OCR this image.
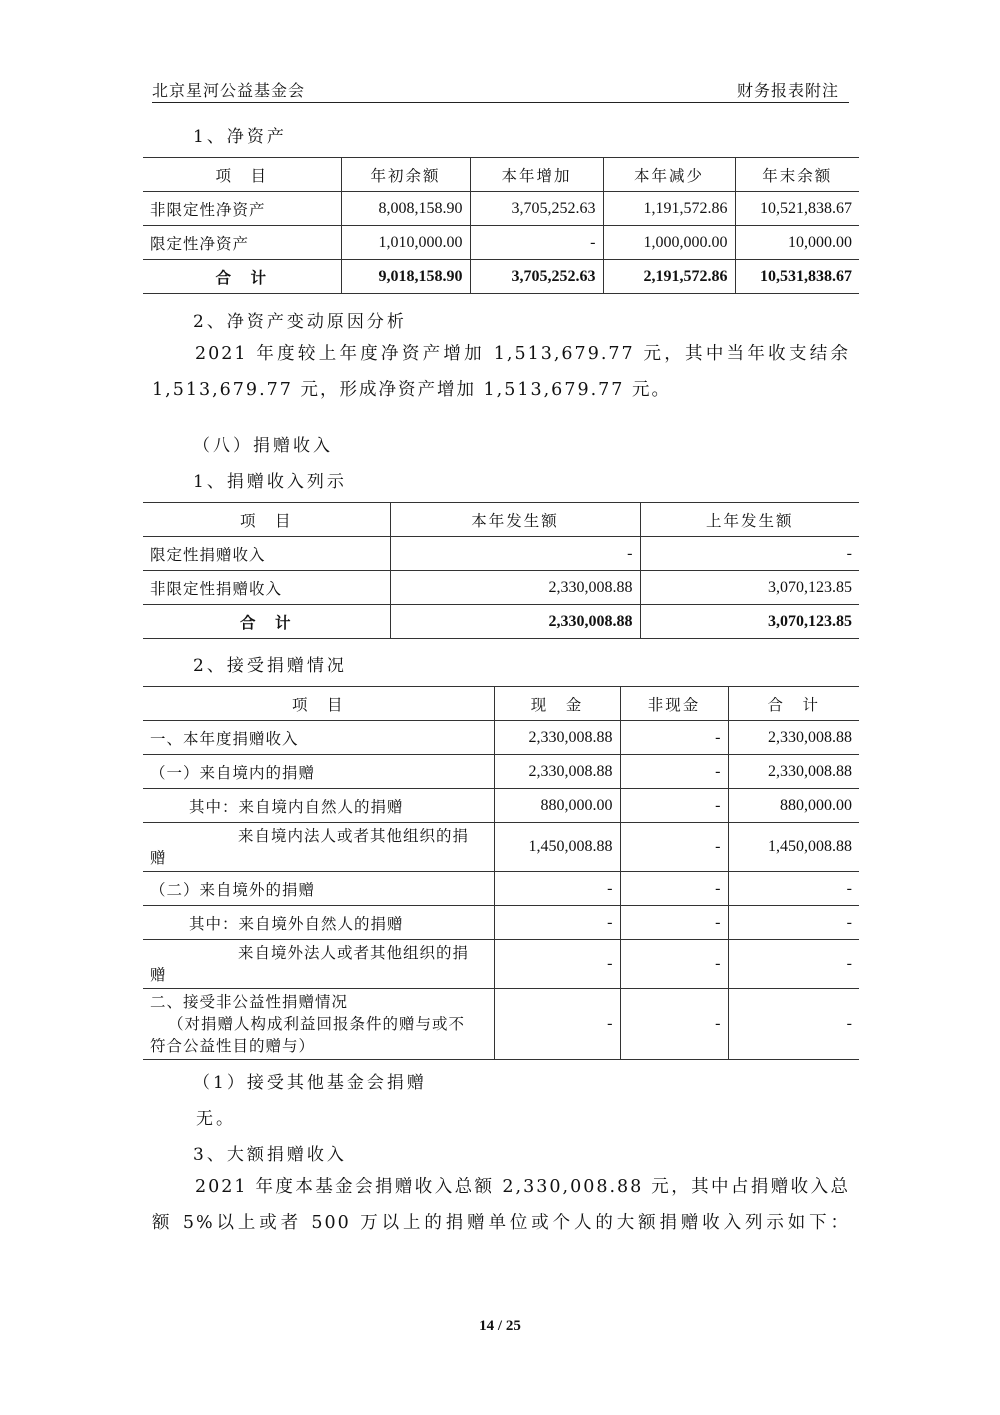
北京星河公益基金会	财务报表附注
1、净资产
项　目	年初余额	本年增加	本年减少	年末余额
非限定性净资产	8,008,158.90	3,705,252.63	1,191,572.86	10,521,838.67
限定性净资产	1,010,000.00	-	1,000,000.00	10,000.00
合　计	9,018,158.90	3,705,252.63	2,191,572.86	10,531,838.67
2、净资产变动原因分析

2021 年度较上年度净资产增加 1,513,679.77 元，其中当年收支结余

1,513,679.77 元，形成净资产增加 1,513,679.77 元。

（八）捐赠收入
1、捐赠收入列示
项　目	本年发生额	上年发生额
限定性捐赠收入	-	-
非限定性捐赠收入	2,330,008.88	3,070,123.85
合　计	2,330,008.88	3,070,123.85
2、接受捐赠情况
项　目	现　金	非现金	合　计
一、本年度捐赠收入	2,330,008.88	-	2,330,008.88
（一）来自境内的捐赠	2,330,008.88	-	2,330,008.88
其中：来自境内自然人的捐赠	880,000.00	-	880,000.00

来自境内法人或者其他组织的捐
赠	1,450,008.88	-	1,450,008.88
（二）来自境外的捐赠	-	-	-
其中：来自境外自然人的捐赠	-	-	-

来自境外法人或者其他组织的捐
赠	-	-	-

二、接受非公益性捐赠情况
（对捐赠人构成利益回报条件的赠与或不
符合公益性目的赠与）	-	-	-
（1）接受其他基金会捐赠
无。
3、大额捐赠收入

2021 年度本基金会捐赠收入总额 2,330,008.88 元，其中占捐赠收入总

额 5%以上或者 500 万以上的捐赠单位或个人的大额捐赠收入列示如下：

14 / 25
